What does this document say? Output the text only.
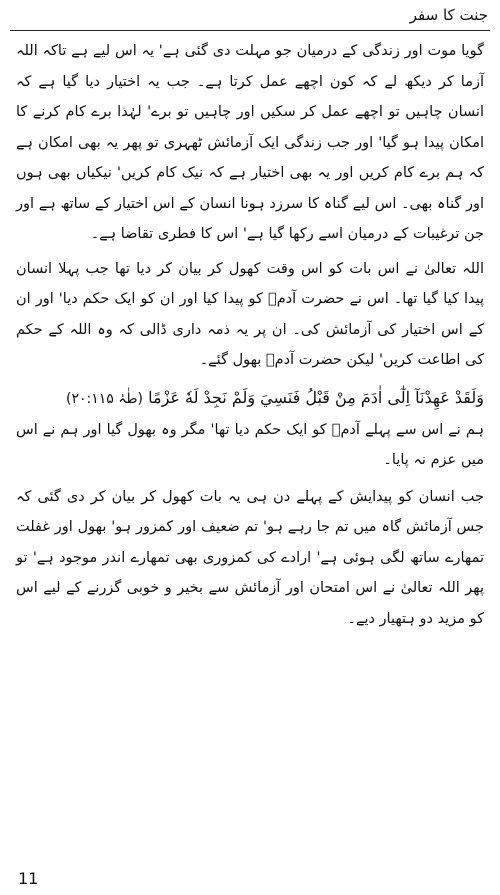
جنت کا سفر

گویا موت اور زندگی کے درمیان جو مہلت دی گئی ہے' یہ اس لیے ہے تاکہ اللہ آزما کر دیکھ لے کہ کون اچھے عمل کرتا ہے۔ جب یہ اختیار دیا گیا ہے کہ انسان چاہیں تو اچھے عمل کر سکیں اور چاہیں تو برے' لہٰذا برے کام کرنے کا امکان پیدا ہو گیا' اور جب زندگی ایک آزمائش ٹھہری تو پھر یہ بھی امکان ہے کہ ہم برے کام کریں اور یہ بھی اختیار ہے کہ نیک کام کریں' نیکیاں بھی ہوں اور گناہ بھی۔ اس لیے گناہ کا سرزد ہونا انسان کے اس اختیار کے ساتھ ہے اور جن ترغیبات کے درمیان اسے رکھا گیا ہے' اس کا فطری تقاضا ہے۔

اللہ تعالیٰ نے اس بات کو اس وقت کھول کر بیان کر دیا تھا جب پہلا انسان پیدا کیا گیا تھا۔ اس نے حضرت آدمؑ کو پیدا کیا اور ان کو ایک حکم دیا' اور ان کے اس اختیار کی آزمائش کی۔ ان پر یہ ذمہ داری ڈالی کہ وہ اللہ کے حکم کی اطاعت کریں' لیکن حضرت آدمؑ بھول گئے۔

وَلَقَدْ عَهِدْنَآ اِلٰٓى اٰدَمَ مِنْ قَبْلُ فَنَسِيَ وَلَمْ نَجِدْ لَهٗ عَزْمًا (طٰہٰ ۲۰:۱۱۵)

ہم نے اس سے پہلے آدمؑ کو ایک حکم دیا تھا' مگر وہ بھول گیا اور ہم نے اس میں عزم نہ پایا۔

جب انسان کو پیدایش کے پہلے دن ہی یہ بات کھول کر بیان کر دی گئی کہ جس آزمائش گاہ میں تم جا رہے ہو' تم ضعیف اور کمزور ہو' بھول اور غفلت تمھارے ساتھ لگی ہوئی ہے' ارادے کی کمزوری بھی تمھارے اندر موجود ہے' تو پھر اللہ تعالیٰ نے اس امتحان اور آزمائش سے بخیر و خوبی گزرنے کے لیے اس کو مزید دو ہتھیار دیے۔

11
